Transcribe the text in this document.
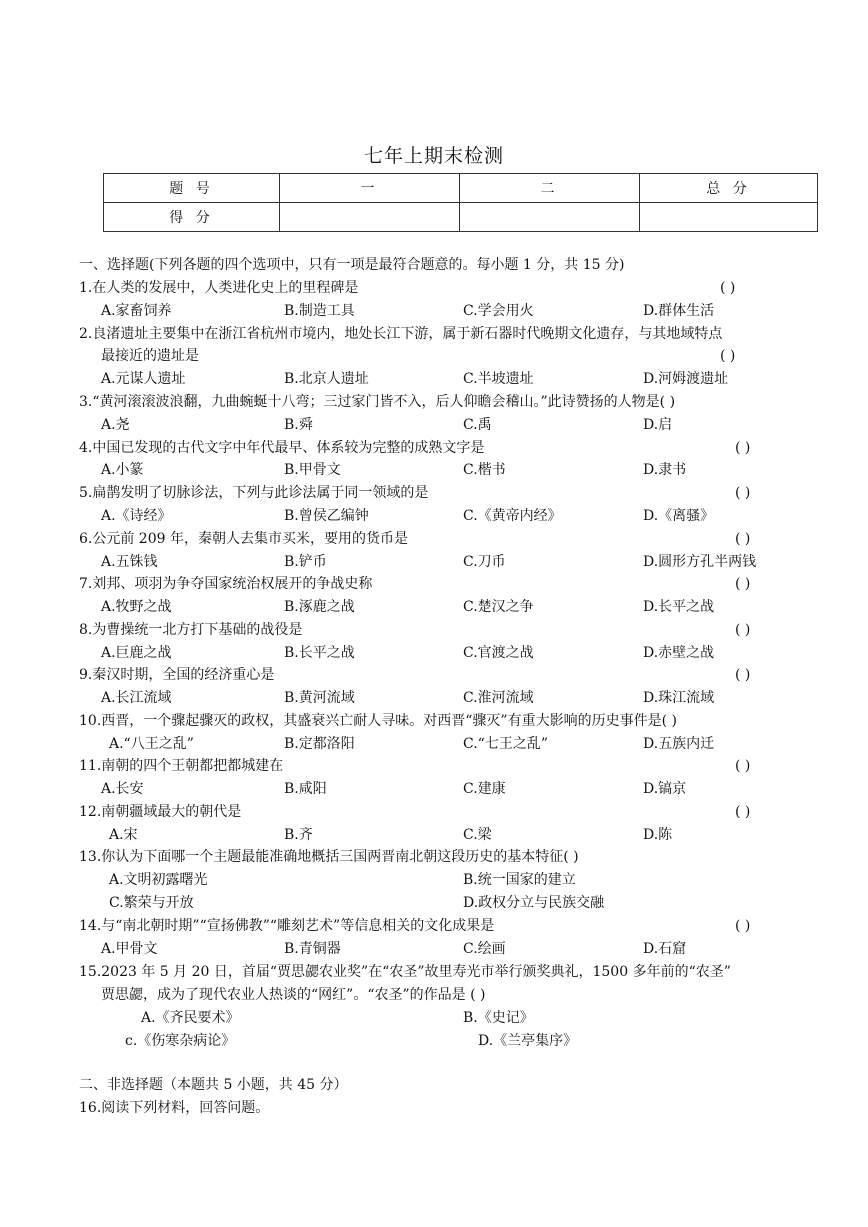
七年上期末检测
题 号	一	二	总 分
得 分			
一、选择题(下列各题的四个选项中，只有一项是最符合题意的。每小题 1 分，共 15 分)
1.在人类的发展中，人类进化史上的里程碑是	( )
A.家畜饲养	B.制造工具	C.学会用火	D.群体生活
2.良渚遗址主要集中在浙江省杭州市境内，地处长江下游，属于新石器时代晚期文化遗存，与其地域特点
最接近的遗址是	( )
A.元谋人遗址	B.北京人遗址	C.半坡遗址	D.河姆渡遗址
3.“黄河滚滚波浪翻，九曲蜿蜒十八弯；三过家门皆不入，后人仰瞻会稽山。”此诗赞扬的人物是( )
A.尧	B.舜	C.禹	D.启
4.中国已发现的古代文字中年代最早、体系较为完整的成熟文字是	( )
A.小篆	B.甲骨文	C.楷书	D.隶书
5.扁鹊发明了切脉诊法，下列与此诊法属于同一领域的是	( )
A.《诗经》	B.曾侯乙编钟	C.《黄帝内经》	D.《离骚》
6.公元前 209 年，秦朝人去集市买米，要用的货币是	( )
A.五铢钱	B.铲币	C.刀币	D.圆形方孔半两钱
7.刘邦、项羽为争夺国家统治权展开的争战史称	( )
A.牧野之战	B.涿鹿之战	C.楚汉之争	D.长平之战
8.为曹操统一北方打下基础的战役是	( )
A.巨鹿之战	B.长平之战	C.官渡之战	D.赤壁之战
9.秦汉时期，全国的经济重心是	( )
A.长江流域	B.黄河流域	C.淮河流域	D.珠江流域
10.西晋，一个骤起骤灭的政权，其盛衰兴亡耐人寻味。对西晋“骤灭”有重大影响的历史事件是( )
A.“八王之乱”	B.定都洛阳	C.“七王之乱”	D.五族内迁
11.南朝的四个王朝都把都城建在	( )
A.长安	B.咸阳	C.建康	D.镐京
12.南朝疆域最大的朝代是	( )
A.宋	B.齐	C.梁	D.陈
13.你认为下面哪一个主题最能准确地概括三国两晋南北朝这段历史的基本特征( )
A.文明初露曙光	B.统一国家的建立
C.繁荣与开放	D.政权分立与民族交融
14.与“南北朝时期”“宣扬佛教”“雕刻艺术”等信息相关的文化成果是	( )
A.甲骨文	B.青铜器	C.绘画	D.石窟
15.2023 年 5 月 20 日，首届“贾思勰农业奖”在“农圣”故里寿光市举行颁奖典礼，1500 多年前的“农圣”
贾思勰，成为了现代农业人热谈的“网红”。“农圣”的作品是 ( )
A.《齐民要术》	B.《史记》
c.《伤寒杂病论》	D.《兰亭集序》
二、非选择题（本题共 5 小题，共 45 分）
16.阅读下列材料，回答问题。
